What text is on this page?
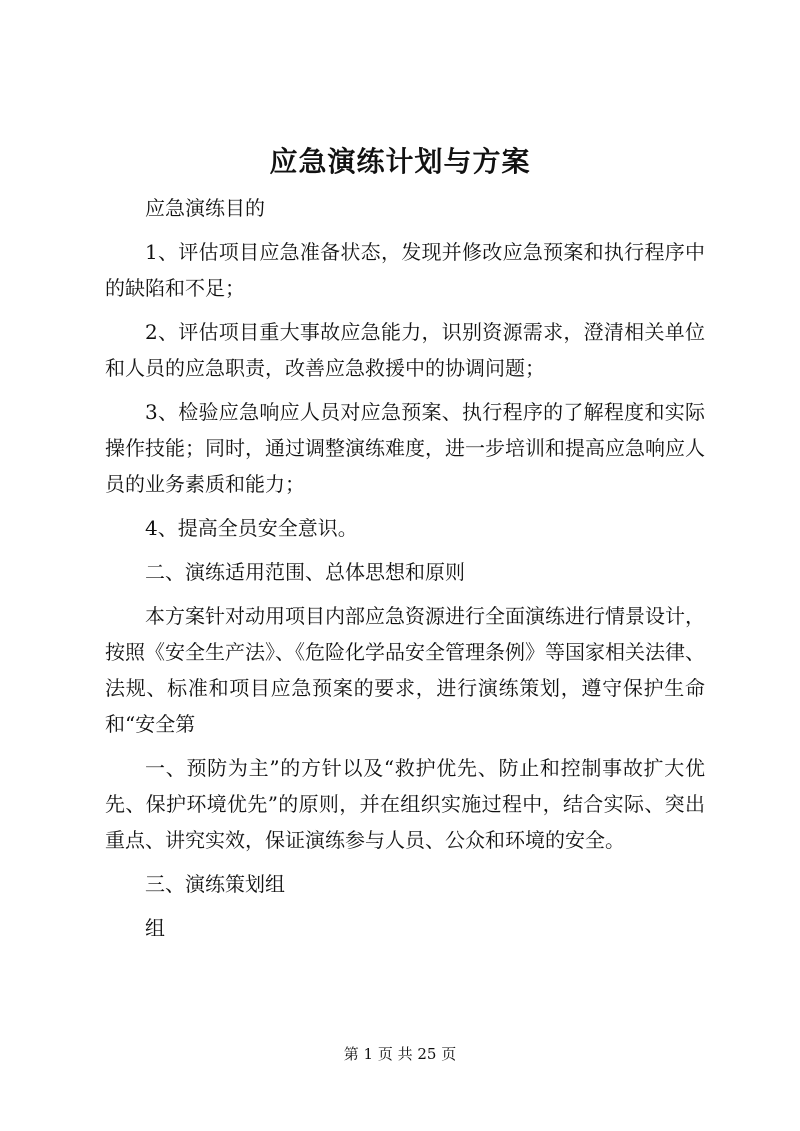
应急演练计划与方案

应急演练目的

1、评估项目应急准备状态，发现并修改应急预案和执行程序中的缺陷和不足；

2、评估项目重大事故应急能力，识别资源需求，澄清相关单位和人员的应急职责，改善应急救援中的协调问题；

3、检验应急响应人员对应急预案、执行程序的了解程度和实际操作技能；同时，通过调整演练难度，进一步培训和提高应急响应人员的业务素质和能力；

4、提高全员安全意识。

二、演练适用范围、总体思想和原则

本方案针对动用项目内部应急资源进行全面演练进行情景设计，按照《安全生产法》、《危险化学品安全管理条例》等国家相关法律、法规、标准和项目应急预案的要求，进行演练策划，遵守保护生命和“安全第

一、预防为主”的方针以及“救护优先、防止和控制事故扩大优先、保护环境优先”的原则，并在组织实施过程中，结合实际、突出重点、讲究实效，保证演练参与人员、公众和环境的安全。

三、演练策划组

组

第 1 页 共 25 页
